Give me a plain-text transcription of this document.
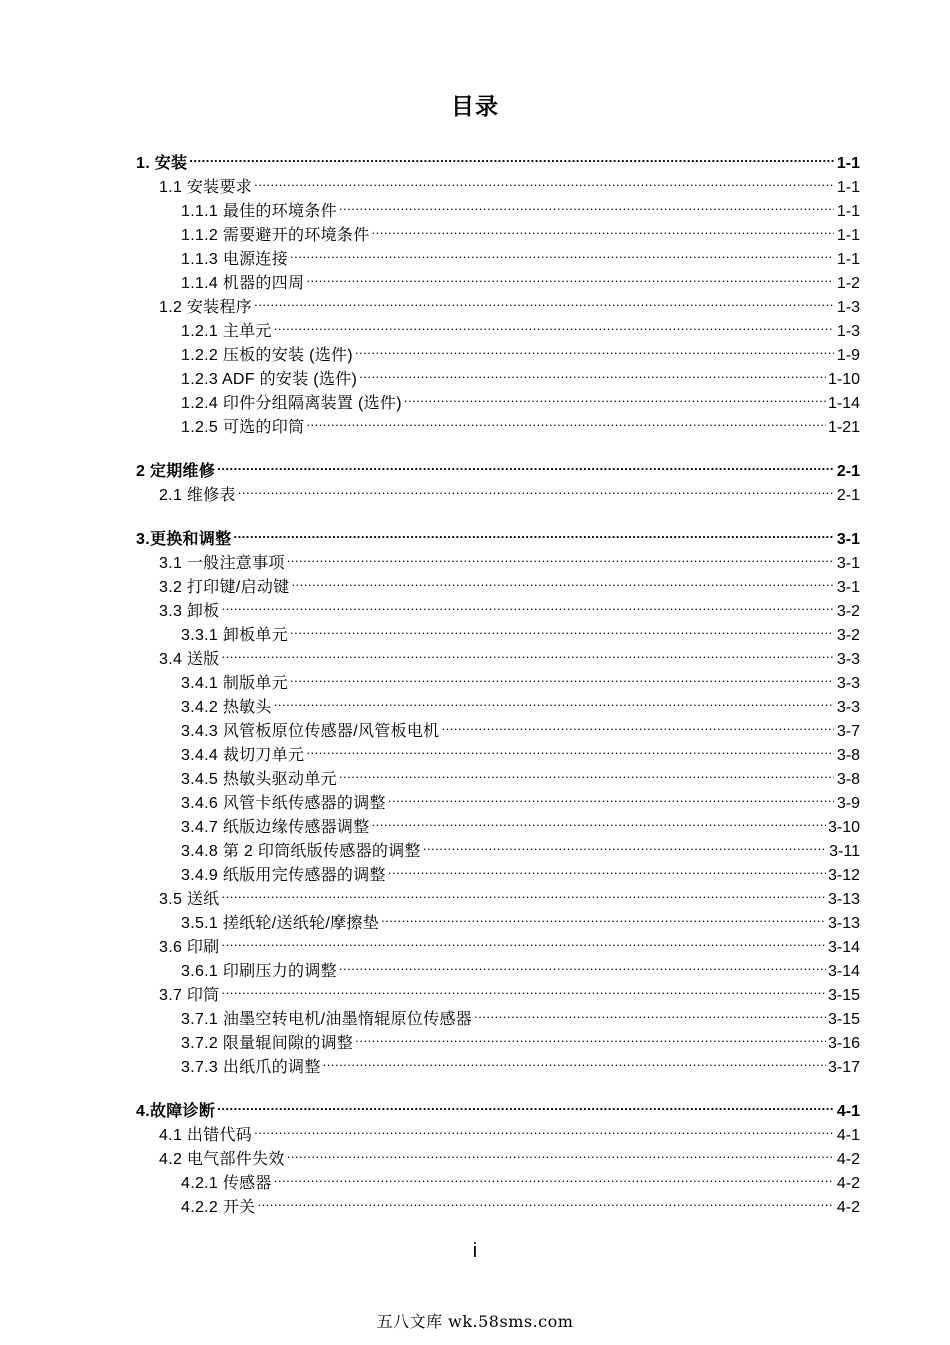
目录
1. 安装 .....	1-1
1.1 安装要求 .....	1-1
1.1.1 最佳的环境条件 .....	1-1
1.1.2 需要避开的环境条件 .....	1-1
1.1.3 电源连接 .....	1-1
1.1.4 机器的四周 .....	1-2
1.2 安装程序 .....	1-3
1.2.1 主单元 .....	1-3
1.2.2 压板的安装 (选件) .....	1-9
1.2.3 ADF 的安装 (选件) .....	1-10
1.2.4 印件分组隔离装置 (选件) .....	1-14
1.2.5 可选的印筒 .....	1-21
2 定期维修 .....	2-1
2.1 维修表 .....	2-1
3.更换和调整 .....	3-1
3.1 一般注意事项 .....	3-1
3.2 打印键/启动键 .....	3-1
3.3 卸板 .....	3-2
3.3.1 卸板单元 .....	3-2
3.4 送版 .....	3-3
3.4.1 制版单元 .....	3-3
3.4.2 热敏头 .....	3-3
3.4.3 风管板原位传感器/风管板电机 .....	3-7
3.4.4 裁切刀单元 .....	3-8
3.4.5 热敏头驱动单元 .....	3-8
3.4.6 风管卡纸传感器的调整 .....	3-9
3.4.7 纸版边缘传感器调整 .....	3-10
3.4.8 第 2 印筒纸版传感器的调整 .....	3-11
3.4.9 纸版用完传感器的调整 .....	3-12
3.5 送纸 .....	3-13
3.5.1 搓纸轮/送纸轮/摩擦垫 .....	3-13
3.6 印刷 .....	3-14
3.6.1 印刷压力的调整 .....	3-14
3.7 印筒 .....	3-15
3.7.1 油墨空转电机/油墨惰辊原位传感器 .....	3-15
3.7.2 限量辊间隙的调整 .....	3-16
3.7.3 出纸爪的调整 .....	3-17
4.故障诊断 .....	4-1
4.1 出错代码 .....	4-1
4.2 电气部件失效 .....	4-2
4.2.1 传感器 .....	4-2
4.2.2 开关 .....	4-2
i
五八文库 wk.58sms.com
